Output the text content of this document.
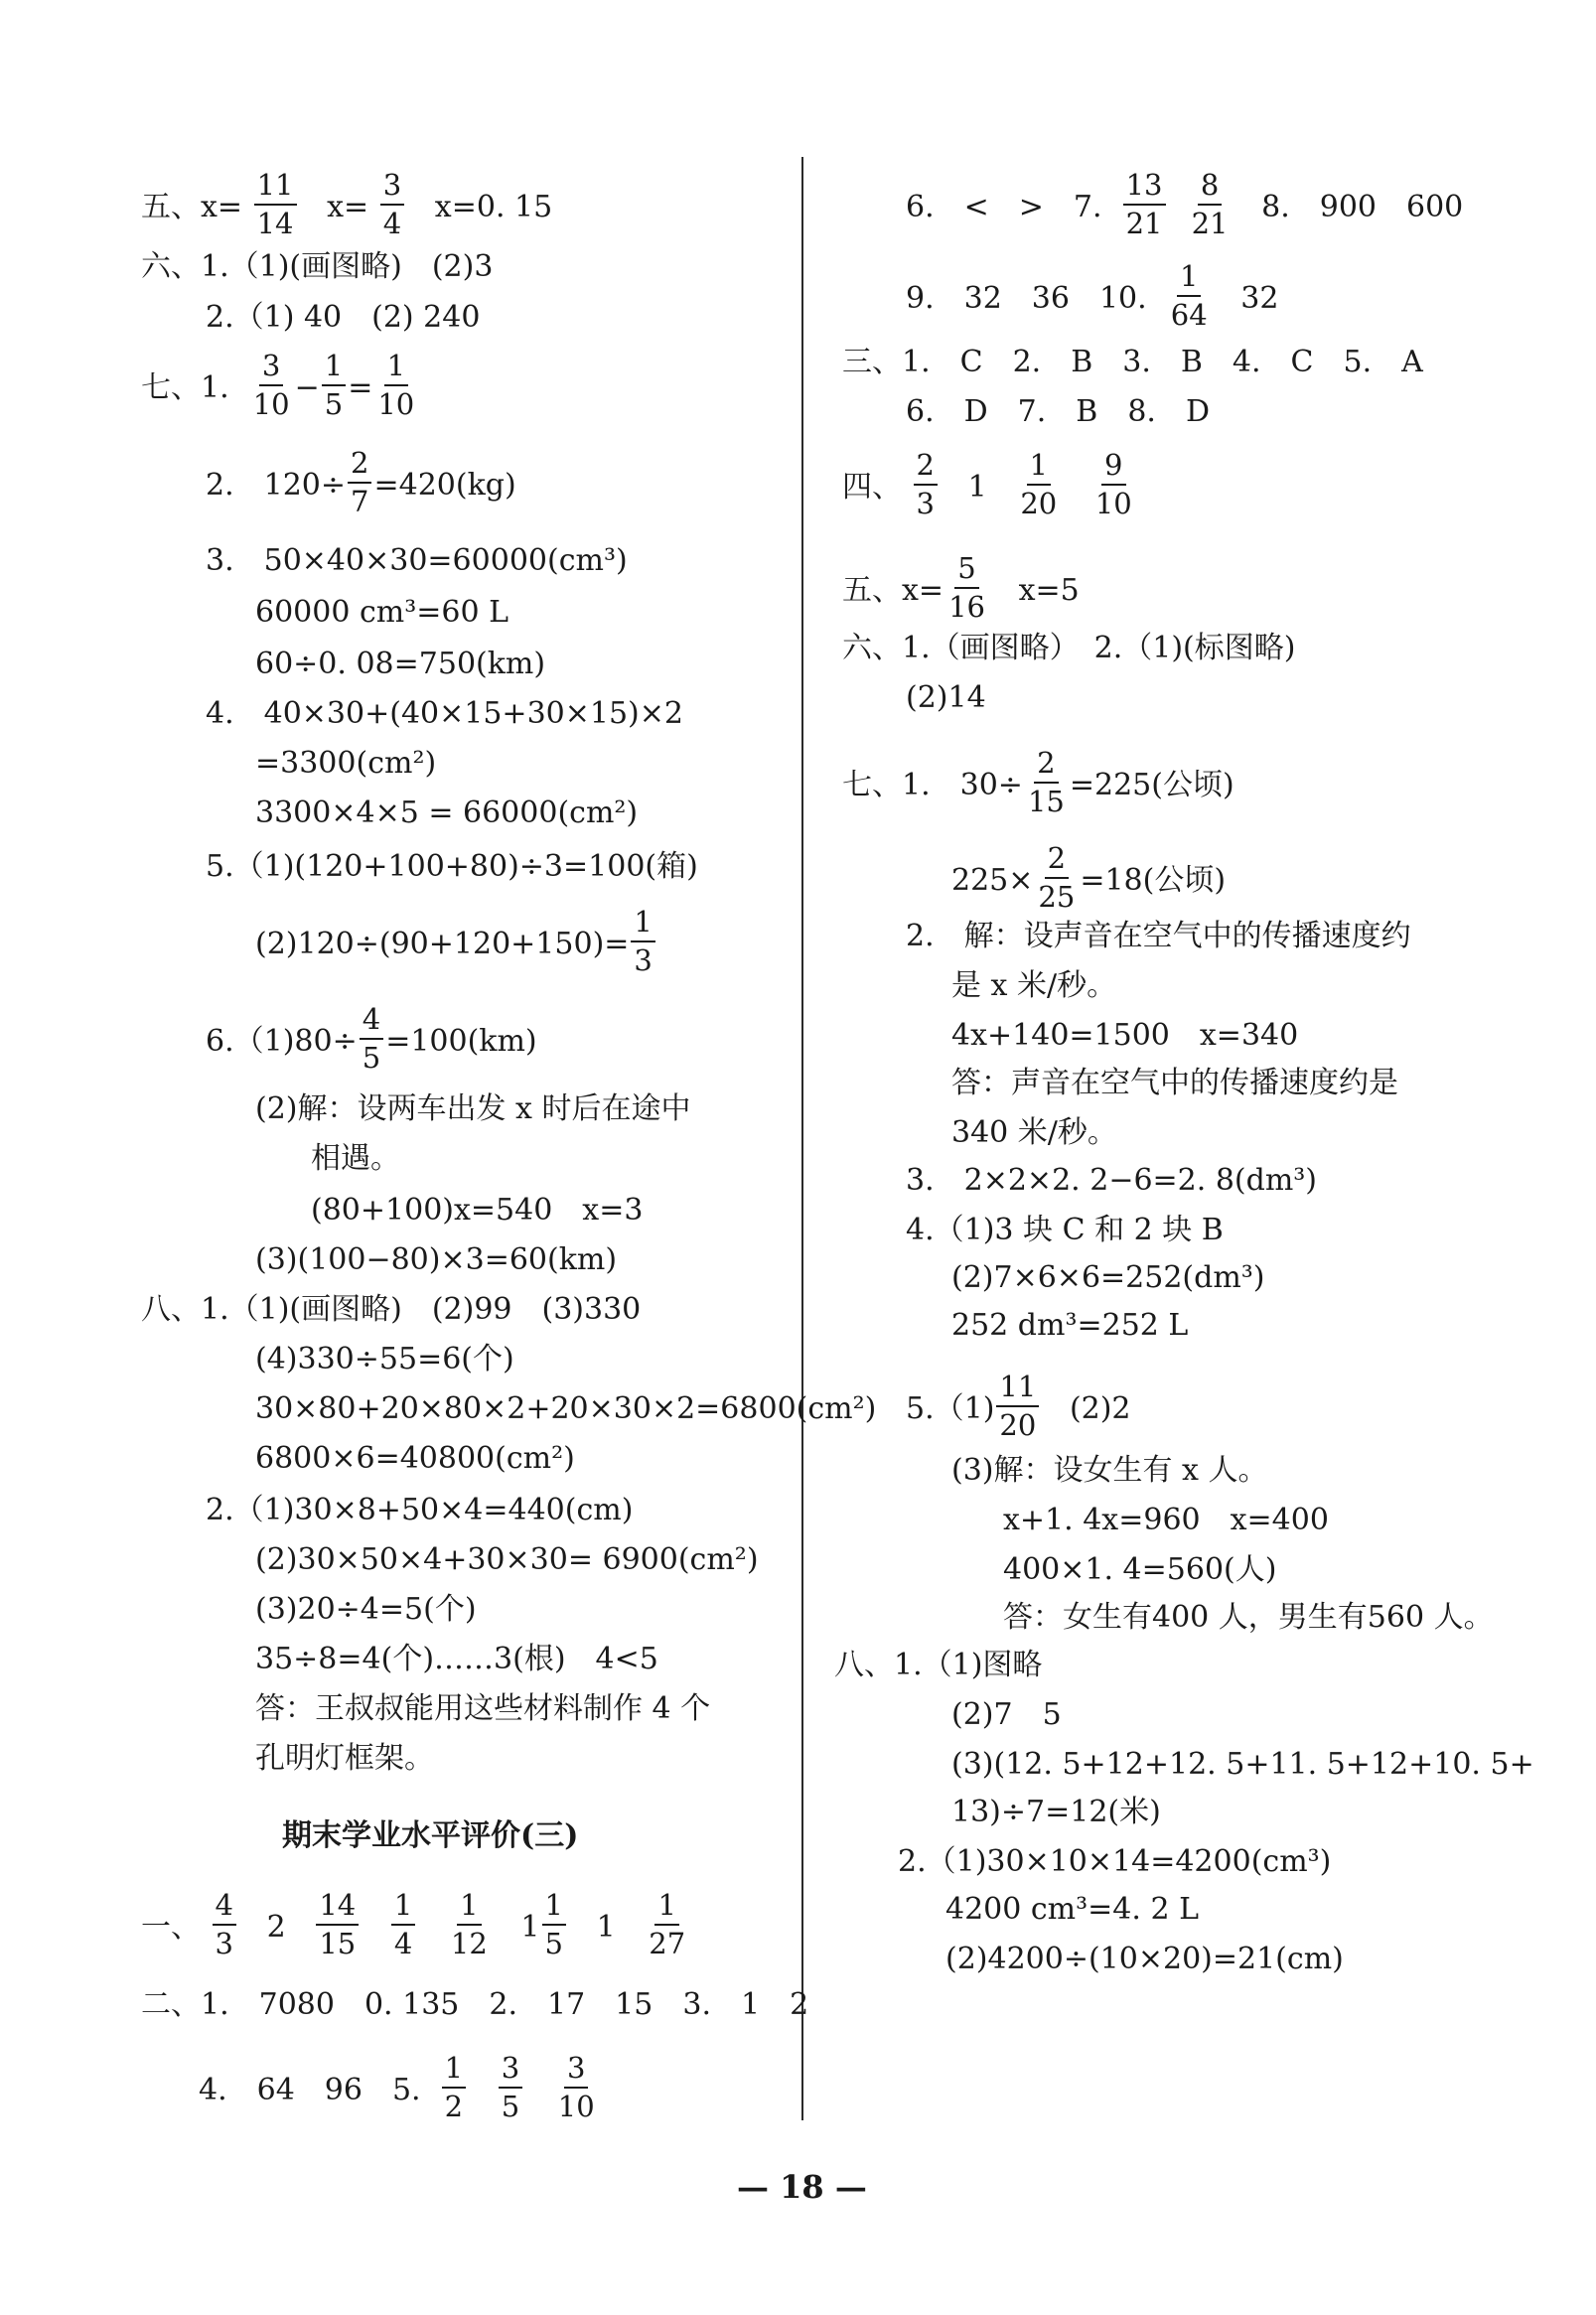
五、$x= \frac{11}{14} x= \frac{3}{4} x=0$. 15
六、1.（1)(画图略)　(2)3
2.（1) 40　(2) 240
七、1. $\frac{3}{10} - \frac{1}{5} = \frac{1}{10}$
2.　$120\div \frac{2}{7} =420(kg)$
3.　50×40×30=60000(cm³)
60000 cm³=60 L
60÷0. 08=750(km)
4.　40×30+(40×15+30×15)×2
=3300(cm²)
3300×4×5 = 66000(cm²)
5.（1)(120+100+80)÷3=100(箱)
$(2)120\div(90+120+150)= \frac{1}{3}$
$6.(1)80\div \frac{4}{5} =100(km)$
(2)解：设两车出发 x 时后在途中
相遇。
(80+100)x=540　x=3
(3)(100−80)×3=60(km)
八、1.（1)(画图略)　(2)99　(3)330
(4)330÷55=6(个)
30×80+20×80×2+20×30×2=6800(cm²)
6800×6=40800(cm²)
2.（1)30×8+50×4=440(cm)
(2)30×50×4+30×30= 6900(cm²)
(3)20÷4=5(个)
35÷8=4(个)……3(根)　4<5
答：王叔叔能用这些材料制作 4 个
孔明灯框架。
期末学业水平评价(三)
一、 $\frac{4}{3} 2 \frac{14}{15}$
$\frac{1}{4}$
$\frac{1}{12} 1 \frac{1}{5} 1 \frac{1}{27}$
二、1.　7080　0. 135　2.　17　15　3.　1　2
4.　64　96　5. $\frac{1}{2}$
$\frac{3}{5}$
$\frac{3}{10}$
6.　<　>　7. $\frac{13}{21}$
$\frac{8}{21} 8$.　900　600
9.　32　36　10. $\frac{1}{64} 32$
三、1.　C　2.　B　3.　B　4.　C　5.　A
6.　D　7.　B　8.　D
四、 $\frac{2}{3} 1 \frac{1}{20}$
$\frac{9}{10}$
五、$x= \frac{5}{16} x=5$
六、1.（画图略）　2.（1)(标图略)
(2)14
七、1.　$30\div \frac{2}{15} =225$(公顷)
$225\times \frac{2}{25} =18$(公顷)
2.　解：设声音在空气中的传播速度约
是 x 米/秒。
4x+140=1500　x=340
答：声音在空气中的传播速度约是
340 米/秒。
3.　2×2×2. 2−6=2. 8(dm³)
4.（1)3 块 C 和 2 块 B
(2)7×6×6=252(dm³)
252 dm³=252 L
$5.(1) \frac{11}{20} (2)2$
(3)解：设女生有 x 人。
x+1. 4x=960　x=400
400×1. 4=560(人)
答：女生有400 人，男生有560 人。
八、1.（1)图略
(2)7　5
(3)(12. 5+12+12. 5+11. 5+12+10. 5+
13)÷7=12(米)
2.（1)30×10×14=4200(cm³)
4200 cm³=4. 2 L
(2)4200÷(10×20)=21(cm)
— 18 —
